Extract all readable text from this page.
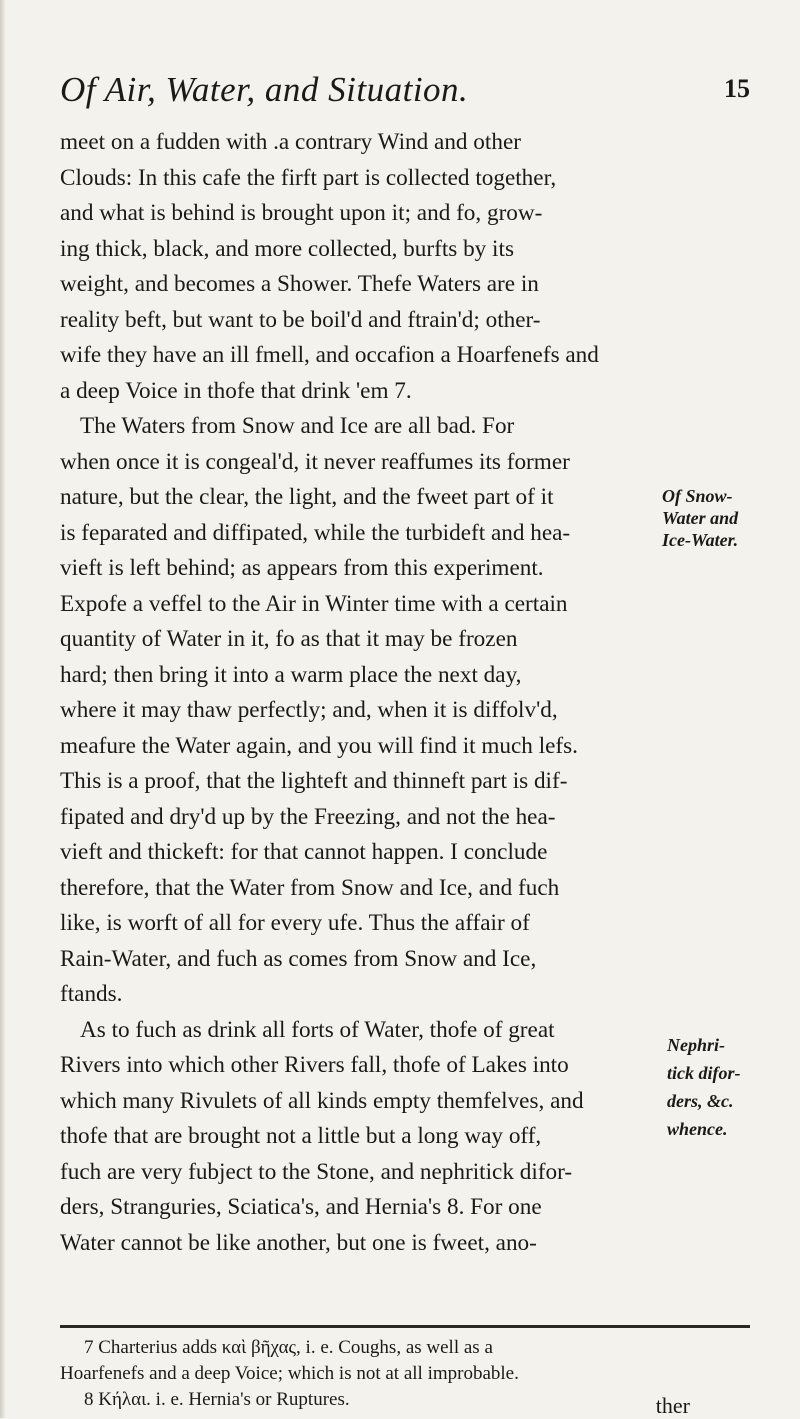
Of Air, Water, and Situation.	15
meet on a fudden with .a contrary Wind and other
Clouds: In this cafe the firft part is collected together,
and what is behind is brought upon it; and fo, grow-
ing thick, black, and more collected, burfts by its
weight, and becomes a Shower. Thefe Waters are in
reality beft, but want to be boil'd and ftrain'd; other-
wife they have an ill fmell, and occafion a Hoarfenefs and
a deep Voice in thofe that drink 'em 7.
The Waters from Snow and Ice are all bad. For
when once it is congeal'd, it never reaffumes its former
nature, but the clear, the light, and the fweet part of it
is feparated and diffipated, while the turbideft and hea-
vieft is left behind; as appears from this experiment.
Expofe a veffel to the Air in Winter time with a certain
quantity of Water in it, fo as that it may be frozen
hard; then bring it into a warm place the next day,
where it may thaw perfectly; and, when it is diffolv'd,
meafure the Water again, and you will find it much lefs.
This is a proof, that the lighteft and thinneft part is dif-
fipated and dry'd up by the Freezing, and not the hea-
vieft and thickeft: for that cannot happen. I conclude
therefore, that the Water from Snow and Ice, and fuch
like, is worft of all for every ufe. Thus the affair of
Rain-Water, and fuch as comes from Snow and Ice,
ftands.
As to fuch as drink all forts of Water, thofe of great
Rivers into which other Rivers fall, thofe of Lakes into
which many Rivulets of all kinds empty themfelves, and
thofe that are brought not a little but a long way off,
fuch are very fubject to the Stone, and nephritick difor-
ders, Stranguries, Sciatica's, and Hernia's 8. For one
Water cannot be like another, but one is fweet, ano-
Of Snow-
Water and
Ice-Water.
Nephri-
tick difor-
ders, &c.
whence.
7 Charterius adds καὶ βῆχας, i. e. Coughs, as well as a
Hoarfenefs and a deep Voice; which is not at all improbable.
8 Κήλαι. i. e. Hernia's or Ruptures.	ther
